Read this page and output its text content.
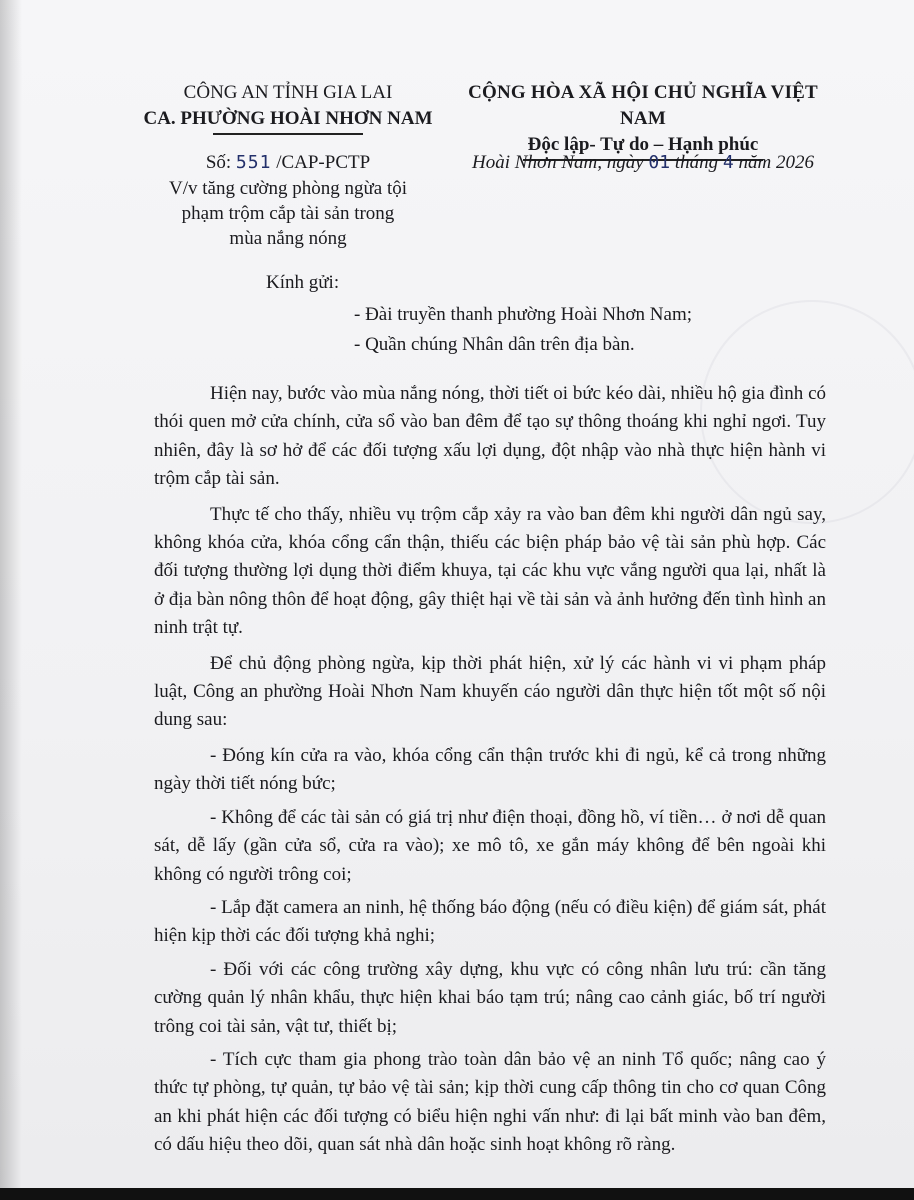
CÔNG AN TỈNH GIA LAI
CA. PHƯỜNG HOÀI NHƠN NAM
CỘNG HÒA XÃ HỘI CHỦ NGHĨA VIỆT NAM
Độc lập- Tự do – Hạnh phúc
Số: 551 /CAP-PCTP
V/v tăng cường phòng ngừa tội
phạm trộm cắp tài sản trong
mùa nắng nóng
Hoài Nhơn Nam, ngày 01 tháng 4 năm 2026
Kính gửi:
- Đài truyền thanh phường Hoài Nhơn Nam;
- Quần chúng Nhân dân trên địa bàn.

Hiện nay, bước vào mùa nắng nóng, thời tiết oi bức kéo dài, nhiều hộ gia đình có thói quen mở cửa chính, cửa sổ vào ban đêm để tạo sự thông thoáng khi nghỉ ngơi. Tuy nhiên, đây là sơ hở để các đối tượng xấu lợi dụng, đột nhập vào nhà thực hiện hành vi trộm cắp tài sản.

Thực tế cho thấy, nhiều vụ trộm cắp xảy ra vào ban đêm khi người dân ngủ say, không khóa cửa, khóa cổng cẩn thận, thiếu các biện pháp bảo vệ tài sản phù hợp. Các đối tượng thường lợi dụng thời điểm khuya, tại các khu vực vắng người qua lại, nhất là ở địa bàn nông thôn để hoạt động, gây thiệt hại về tài sản và ảnh hưởng đến tình hình an ninh trật tự.

Để chủ động phòng ngừa, kịp thời phát hiện, xử lý các hành vi vi phạm pháp luật, Công an phường Hoài Nhơn Nam khuyến cáo người dân thực hiện tốt một số nội dung sau:

- Đóng kín cửa ra vào, khóa cổng cẩn thận trước khi đi ngủ, kể cả trong những ngày thời tiết nóng bức;

- Không để các tài sản có giá trị như điện thoại, đồng hồ, ví tiền… ở nơi dễ quan sát, dễ lấy (gần cửa sổ, cửa ra vào); xe mô tô, xe gắn máy không để bên ngoài khi không có người trông coi;

- Lắp đặt camera an ninh, hệ thống báo động (nếu có điều kiện) để giám sát, phát hiện kịp thời các đối tượng khả nghi;

- Đối với các công trường xây dựng, khu vực có công nhân lưu trú: cần tăng cường quản lý nhân khẩu, thực hiện khai báo tạm trú; nâng cao cảnh giác, bố trí người trông coi tài sản, vật tư, thiết bị;

- Tích cực tham gia phong trào toàn dân bảo vệ an ninh Tổ quốc; nâng cao ý thức tự phòng, tự quản, tự bảo vệ tài sản; kịp thời cung cấp thông tin cho cơ quan Công an khi phát hiện các đối tượng có biểu hiện nghi vấn như: đi lại bất minh vào ban đêm, có dấu hiệu theo dõi, quan sát nhà dân hoặc sinh hoạt không rõ ràng.
